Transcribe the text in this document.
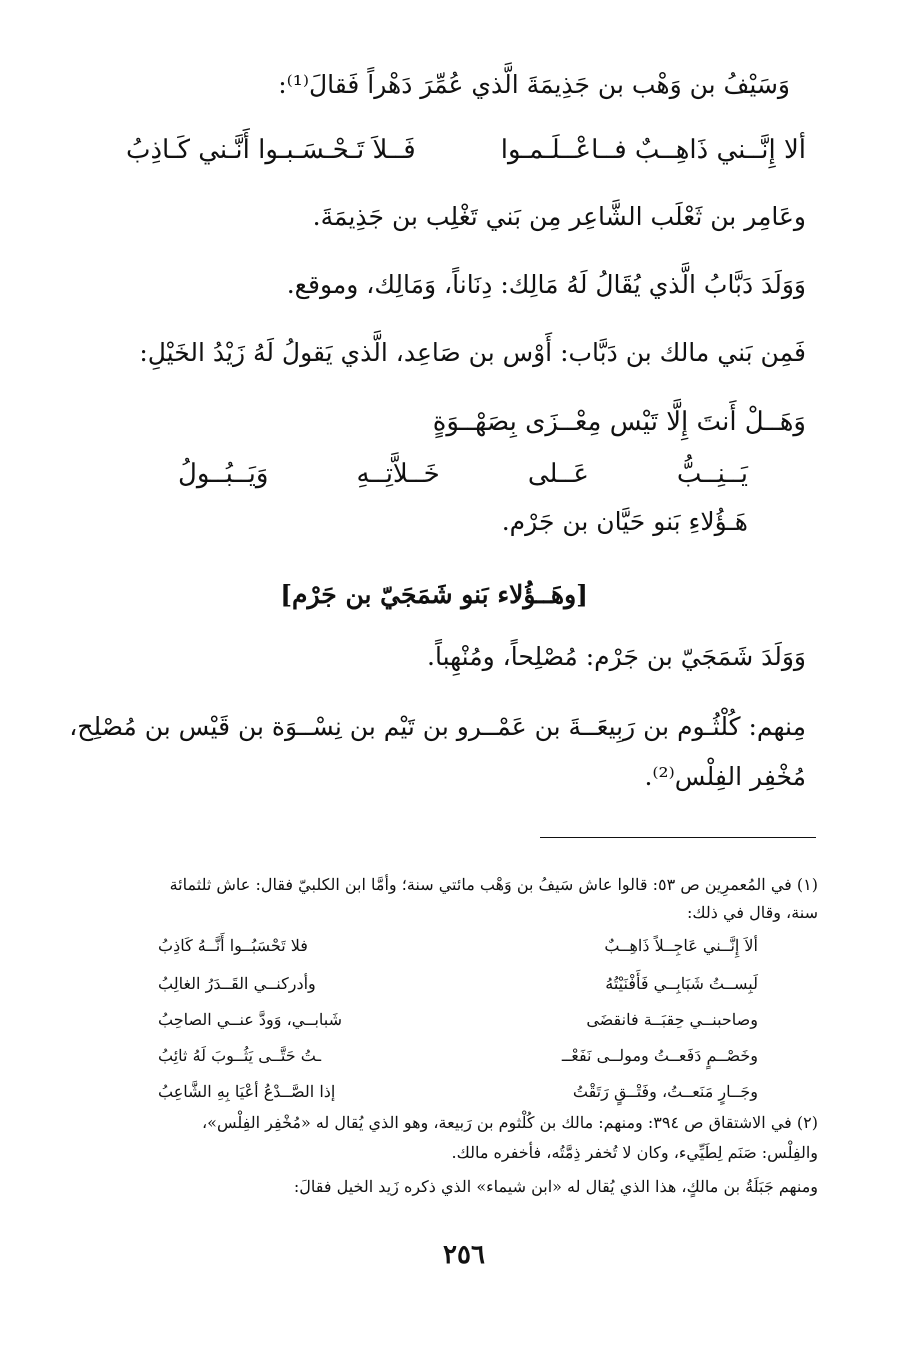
وَسَيْفُ بن وَهْب بن جَذِيمَةَ الَّذي عُمِّرَ دَهْراً فَقالَ⁽¹⁾:
ألا إِنَّــني ذَاهِــبٌ فــاعْــلَـمـوا
فَــلاَ تَـحْـسَـبـوا أَنَّـني كَـاذِبُ
وعَامِر بن ثَعْلَب الشَّاعِر مِن بَني تَغْلِب بن جَذِيمَةَ.
وَوَلَدَ دَبَّابُ الَّذي يُقَالُ لَهُ مَالِك: دِنَاناً، وَمَالِك، وموقع.
فَمِن بَني مالك بن دَبَّاب: أَوْس بن صَاعِد، الَّذي يَقولُ لَهُ زَيْدُ الخَيْلِ:
وَهَــلْ أَنتَ إِلَّا تَيْس مِعْــزَى بِصَهْــوَةٍ
يَــنِــبُّ
عَــلى
خَــلاَّتِــهِ
وَيَــبُــولُ
هَـؤُلاءِ بَنو حَيَّان بن جَرْم.
[وهَــؤُلاء بَنو شَمَجَيّ بن جَرْم]
وَوَلَدَ شَمَجَيّ بن جَرْم: مُصْلِحاً، ومُنْهِباً.
مِنهم: كُلْثُـوم بن رَبِيعَــةَ بن عَمْــرو بن تَيْم بن نِسْــوَة بن قَيْس بن مُصْلِح،
مُخْفِر الفِلْس⁽²⁾.
(١) في المُعمرِين ص ٥٣: قالوا عاش سَيفُ بن وَهْب مائتي سنة؛ وأمَّا ابن الكلبيّ فقال: عاش ثلثمائة
سنة، وقال في ذلك:
ألاَ إِنَّــني عَاجِــلاً ذَاهِــبٌ
فلا تَحْسَبُــوا أَنَّــهُ كَاذِبُ
لَبِســتُ شَبَابِــي فَأَفْنَيْتُهُ
وأدركنــي القَــدَرُ الغالِبُ
وصاحبنــي حِقبَــة فانقضَى
شَبابــي، وَودَّ عنــي الصاحِبُ
وخَصْــمٍ دَفَعــتُ ومولــى نَفَعْــ
ـتُ حَتَّــى يَثُــوبَ لَهُ ثائِبُ
وجَــارٍ مَنَعــتُ، وفَتْــقٍ رَتَقْتُ
إذا الصَّــدْعُ أعْيَا بِهِ الشَّاعِبُ
(٢) في الاشتقاق ص ٣٩٤: ومنهم: مالك بن كُلْثوم بن رَبيعة، وهو الذي يُقال له «مُخْفِر الفِلْس»،
والفِلْس: صَنَم لِطَيِّيء، وكان لا تُخفر ذِمَّتُه، فأخفره مالك.
ومنهم جَبَلَةُ بن مالكٍ، هذا الذي يُقال له «ابن شيماء» الذي ذكره زَيد الخيل فقالَ:
٢٥٦
